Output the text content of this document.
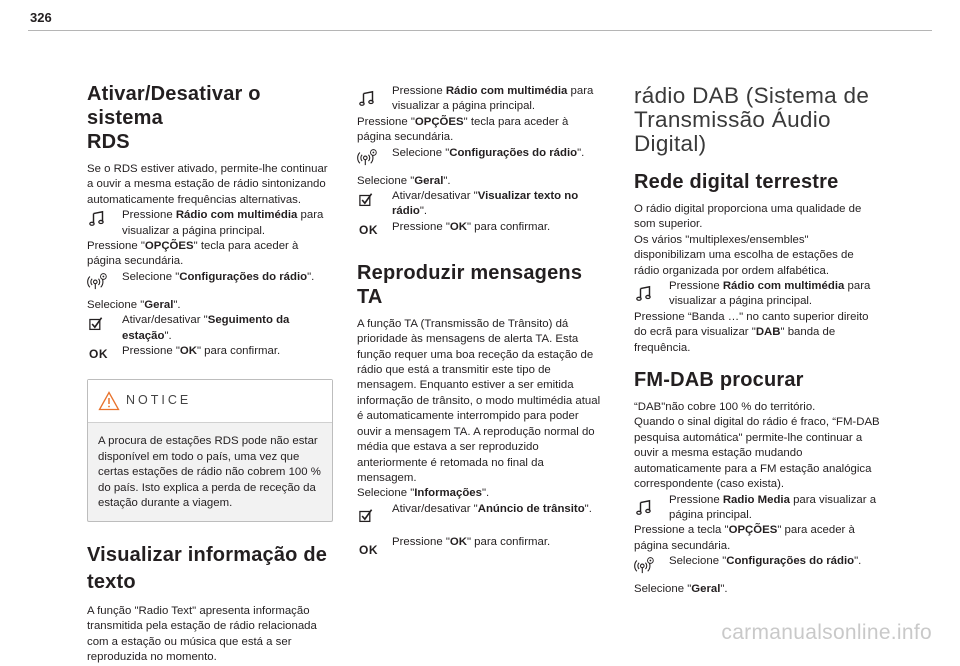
326
Ativar/Desativar o sistema
RDS

Se o RDS estiver ativado, permite-lhe continuar a ouvir a mesma estação de rádio sintonizando automaticamente frequências alternativas.

Pressione Rádio com multimédia para visualizar a página principal.

Pressione "OPÇÕES" tecla para aceder à página secundária.

Selecione "Configurações do rádio".

Selecione "Geral".

Ativar/desativar "Seguimento da estação".
OK Pressione "OK" para confirmar.
NOTICE
A procura de estações RDS pode não estar disponível em todo o país, uma vez que certas estações de rádio não cobrem 100 % do país. Isto explica a perda de receção da estação durante a viagem.
Visualizar informação de
texto

A função "Radio Text" apresenta informação transmitida pela estação de rádio relacionada com a estação ou música que está a ser reproduzida no momento.

Pressione Rádio com multimédia para visualizar a página principal.

Pressione "OPÇÕES" tecla para aceder à página secundária.

Selecione "Configurações do rádio".

Selecione "Geral".

Ativar/desativar "Visualizar texto no rádio".
OK Pressione "OK" para confirmar.
Reproduzir mensagens TA

A função TA (Transmissão de Trânsito) dá prioridade às mensagens de alerta TA. Esta função requer uma boa receção da estação de rádio que está a transmitir este tipo de mensagem. Enquanto estiver a ser emitida informação de trânsito, o modo multimédia atual é automaticamente interrompido para poder ouvir a mensagem TA. A reprodução normal do média que estava a ser reproduzido anteriormente é retomada no final da mensagem.

Selecione "Informações".

Ativar/desativar "Anúncio de trânsito".
OK
Pressione "OK" para confirmar.
rádio DAB (Sistema de Transmissão Áudio Digital)
Rede digital terrestre

O rádio digital proporciona uma qualidade de som superior.

Os vários "multiplexes/ensembles" disponibilizam uma escolha de estações de rádio organizada por ordem alfabética.

Pressione Rádio com multimédia para visualizar a página principal.

Pressione “Banda …" no canto superior direito do ecrã para visualizar "DAB" banda de frequência.

FM-DAB procurar

“DAB"não cobre 100 % do território.

Quando o sinal digital do rádio é fraco, “FM-DAB pesquisa automática" permite-lhe continuar a ouvir a mesma estação mudando automaticamente para a FM estação analógica correspondente (caso exista).

Pressione Radio Media para visualizar a página principal.

Pressione a tecla "OPÇÕES" para aceder à página secundária.

Selecione "Configurações do rádio".

Selecione "Geral".

carmanualsonline.info
